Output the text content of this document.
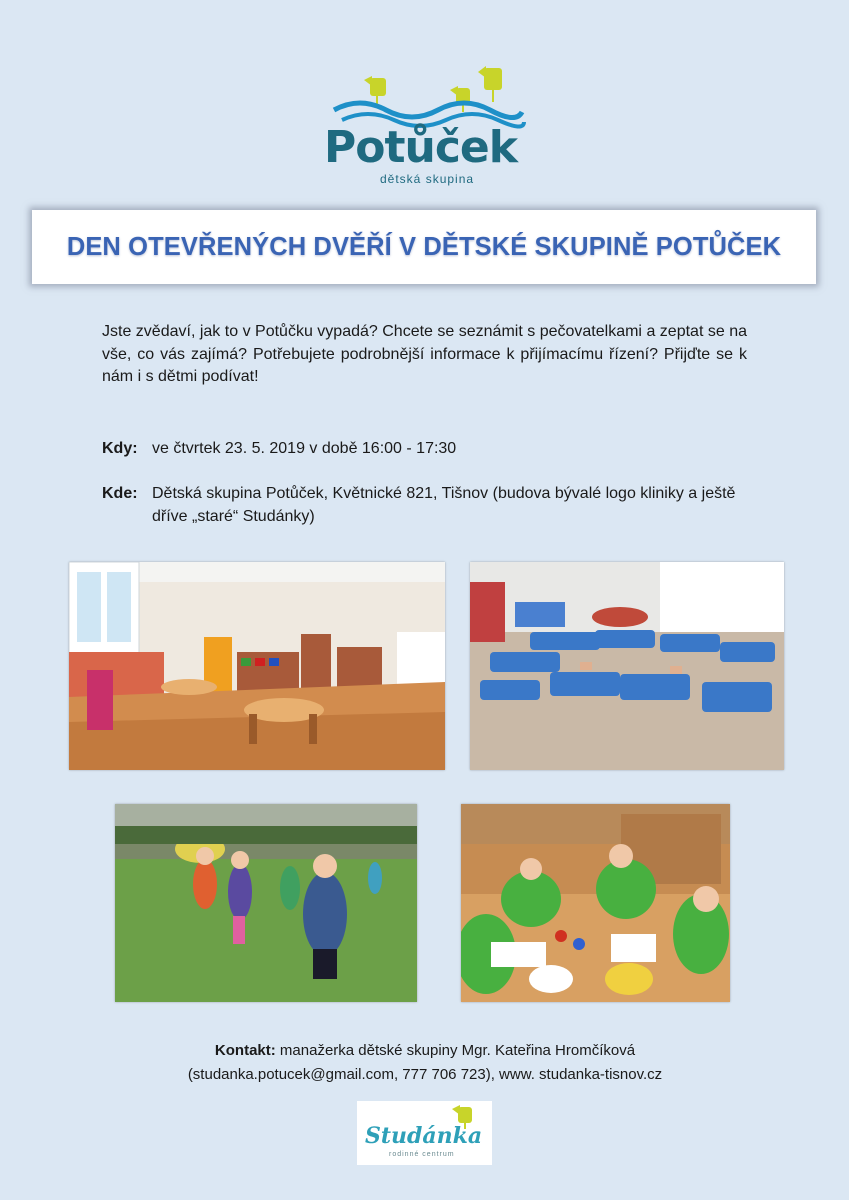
Potůček
dětská skupina
DEN OTEVŘENÝCH DVĚŘÍ V DĚTSKÉ SKUPINĚ POTŮČEK

Jste zvědaví, jak to v Potůčku vypadá? Chcete se seznámit s pečovatelkami a zeptat se na vše, co vás zajímá? Potřebujete podrobnější informace k přijímacímu řízení? Přijďte se k nám i s dětmi podívat!

Kdy: ve čtvrtek 23. 5. 2019 v době 16:00 - 17:30
Kde: Dětská skupina Potůček, Květnické 821, Tišnov (budova bývalé logo kliniky a ještě dříve „staré“ Studánky)
Kontakt: manažerka dětské skupiny Mgr. Kateřina Hromčíková
(studanka.potucek@gmail.com, 777 706 723), www. studanka-tisnov.cz
Studánka
rodinné centrum
